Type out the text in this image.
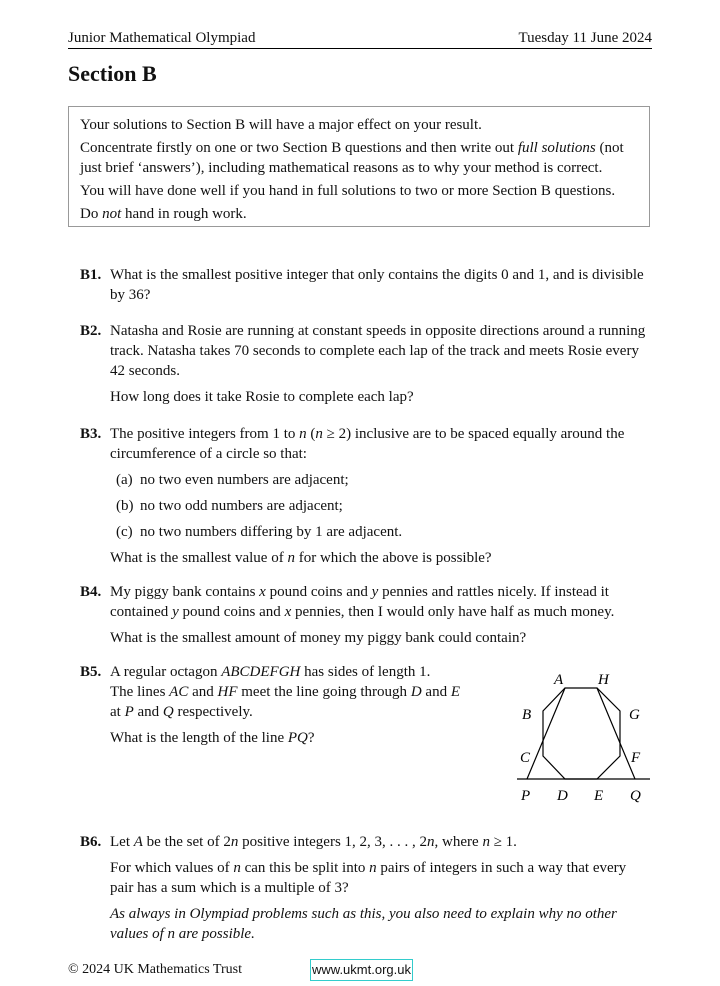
Junior Mathematical Olympiad	Tuesday 11 June 2024
Section B

Your solutions to Section B will have a major effect on your result.

Concentrate firstly on one or two Section B questions and then write out full solutions (not just brief ‘answers’), including mathematical reasons as to why your method is correct.

You will have done well if you hand in full solutions to two or more Section B questions.

Do not hand in rough work.

B1. What is the smallest positive integer that only contains the digits 0 and 1, and is divisible by 36?

B2. Natasha and Rosie are running at constant speeds in opposite directions around a running track. Natasha takes 70 seconds to complete each lap of the track and meets Rosie every 42 seconds.

How long does it take Rosie to complete each lap?

B3. The positive integers from 1 to n (n ≥ 2) inclusive are to be spaced equally around the circumference of a circle so that:

(a) no two even numbers are adjacent;
(b) no two odd numbers are adjacent;
(c) no two numbers differing by 1 are adjacent.

What is the smallest value of n for which the above is possible?

B4. My piggy bank contains x pound coins and y pennies and rattles nicely. If instead it contained y pound coins and x pennies, then I would only have half as much money.

What is the smallest amount of money my piggy bank could contain?

B5. A regular octagon ABCDEFGH has sides of length 1.
The lines AC and HF meet the line going through D and E
at P and Q respectively.

What is the length of the line PQ?

A H
B	G
C	F
P D E Q
B6. Let A be the set of 2n positive integers 1, 2, 3, . . . , 2n, where n ≥ 1.

For which values of n can this be split into n pairs of integers in such a way that every pair has a sum which is a multiple of 3?

As always in Olympiad problems such as this, you also need to explain why no other values of n are possible.

© 2024 UK Mathematics Trust	www.ukmt.org.uk
